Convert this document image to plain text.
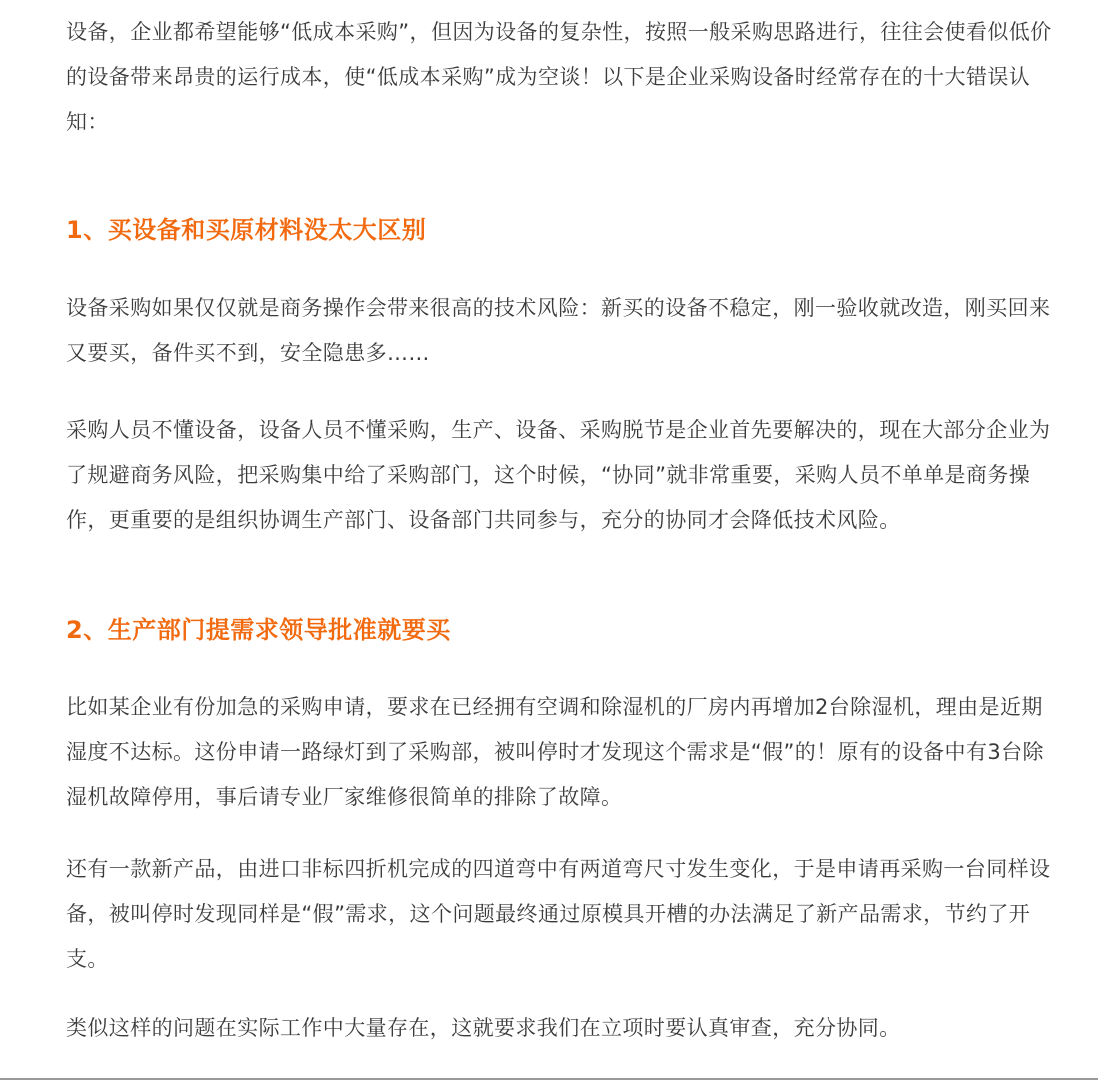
设备，企业都希望能够“低成本采购”，但因为设备的复杂性，按照一般采购思路进行，往往会使看似低价的设备带来昂贵的运行成本，使“低成本采购”成为空谈！以下是企业采购设备时经常存在的十大错误认知：

1、买设备和买原材料没太大区别

设备采购如果仅仅就是商务操作会带来很高的技术风险：新买的设备不稳定，刚一验收就改造，刚买回来又要买，备件买不到，安全隐患多……

采购人员不懂设备，设备人员不懂采购，生产、设备、采购脱节是企业首先要解决的，现在大部分企业为了规避商务风险，把采购集中给了采购部门，这个时候，“协同”就非常重要，采购人员不单单是商务操作，更重要的是组织协调生产部门、设备部门共同参与，充分的协同才会降低技术风险。

2、生产部门提需求领导批准就要买

比如某企业有份加急的采购申请，要求在已经拥有空调和除湿机的厂房内再增加2台除湿机，理由是近期湿度不达标。这份申请一路绿灯到了采购部，被叫停时才发现这个需求是“假”的！原有的设备中有3台除湿机故障停用，事后请专业厂家维修很简单的排除了故障。

还有一款新产品，由进口非标四折机完成的四道弯中有两道弯尺寸发生变化，于是申请再采购一台同样设备，被叫停时发现同样是“假”需求，这个问题最终通过原模具开槽的办法满足了新产品需求，节约了开支。

类似这样的问题在实际工作中大量存在，这就要求我们在立项时要认真审查，充分协同。
